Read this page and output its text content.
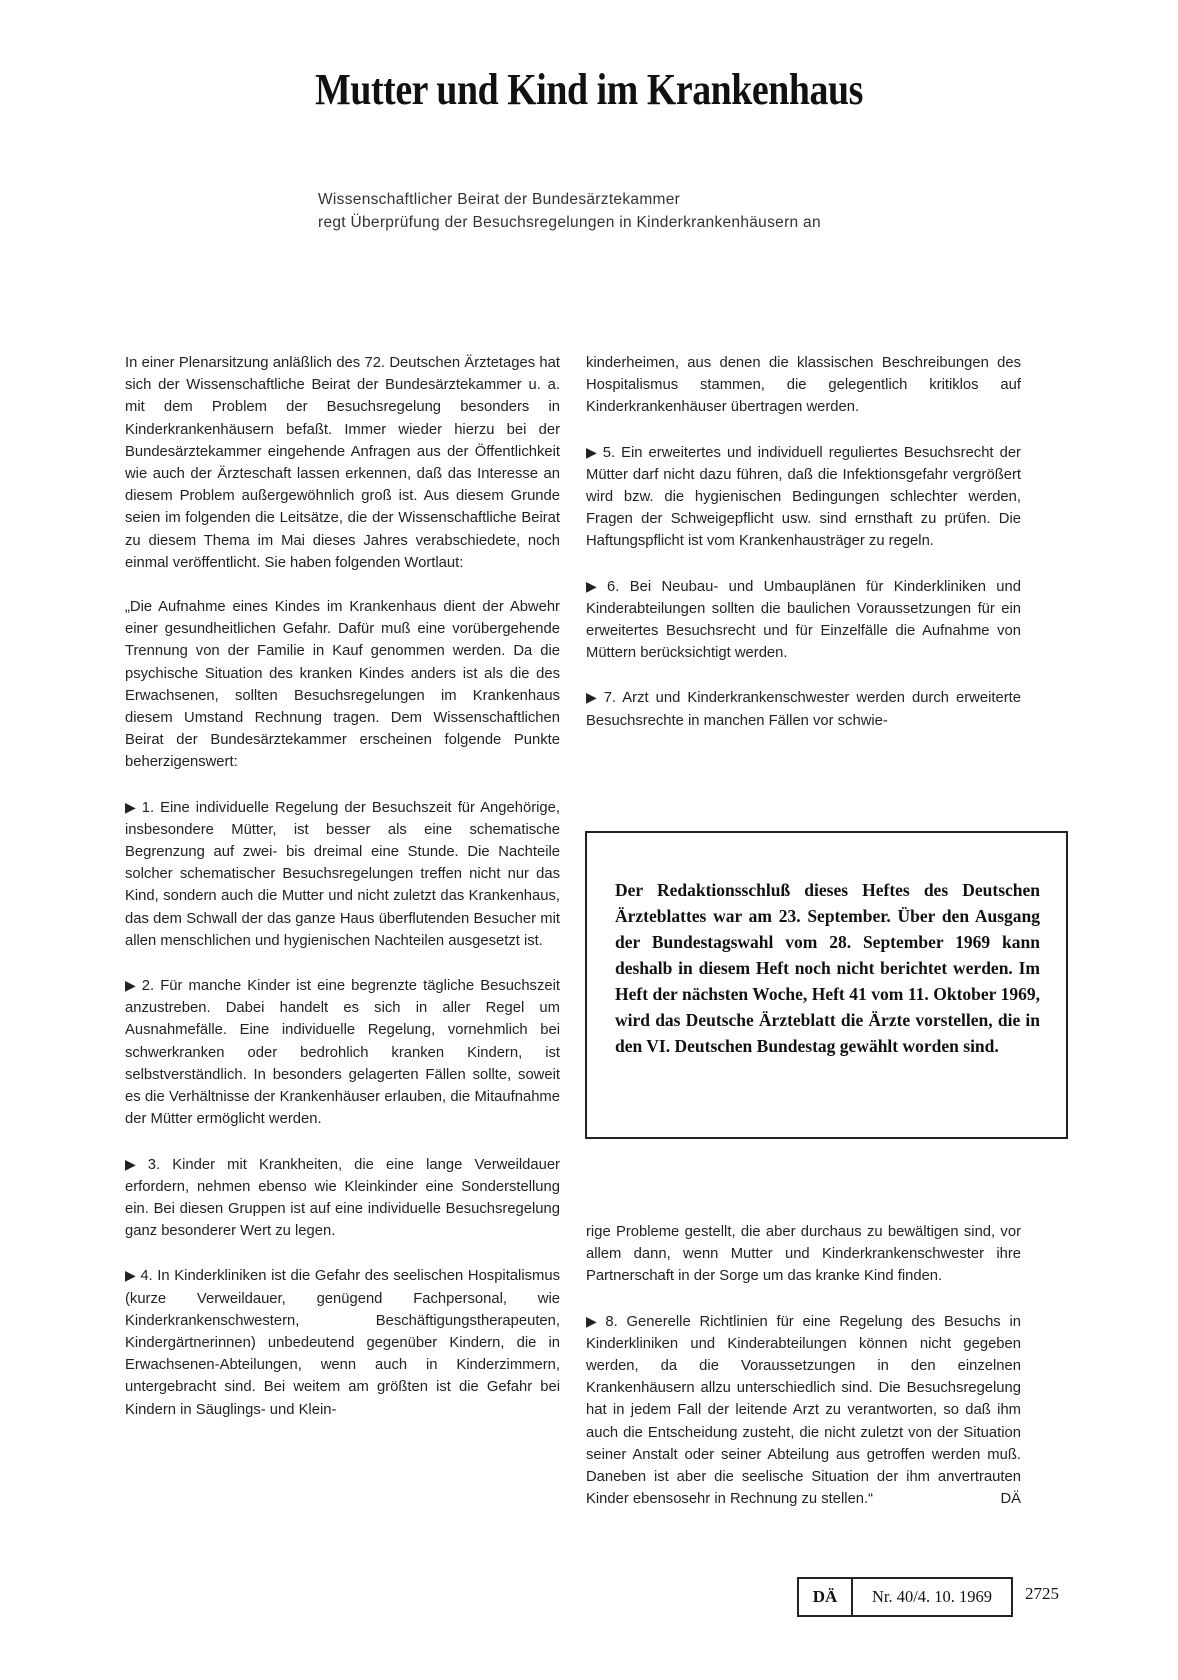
Mutter und Kind im Krankenhaus
Wissenschaftlicher Beirat der Bundesärztekammer
regt Überprüfung der Besuchsregelungen in Kinderkrankenhäusern an

In einer Plenarsitzung anläßlich des 72. Deutschen Ärztetages hat sich der Wissenschaftliche Beirat der Bundesärztekammer u. a. mit dem Problem der Besuchsregelung besonders in Kinderkrankenhäusern befaßt. Immer wieder hierzu bei der Bundesärztekammer eingehende Anfragen aus der Öffentlichkeit wie auch der Ärzteschaft lassen erkennen, daß das Interesse an diesem Problem außergewöhnlich groß ist. Aus diesem Grunde seien im folgenden die Leitsätze, die der Wissenschaftliche Beirat zu diesem Thema im Mai dieses Jahres verabschiedete, noch einmal veröffentlicht. Sie haben folgenden Wortlaut:

„Die Aufnahme eines Kindes im Krankenhaus dient der Abwehr einer gesundheitlichen Gefahr. Dafür muß eine vorübergehende Trennung von der Familie in Kauf genommen werden. Da die psychische Situation des kranken Kindes anders ist als die des Erwachsenen, sollten Besuchsregelungen im Krankenhaus diesem Umstand Rechnung tragen. Dem Wissenschaftlichen Beirat der Bundesärztekammer erscheinen folgende Punkte beherzigenswert:

▶ 1. Eine individuelle Regelung der Besuchszeit für Angehörige, insbesondere Mütter, ist besser als eine schematische Begrenzung auf zwei- bis dreimal eine Stunde. Die Nachteile solcher schematischer Besuchsregelungen treffen nicht nur das Kind, sondern auch die Mutter und nicht zuletzt das Krankenhaus, das dem Schwall der das ganze Haus überflutenden Besucher mit allen menschlichen und hygienischen Nachteilen ausgesetzt ist.

▶ 2. Für manche Kinder ist eine begrenzte tägliche Besuchszeit anzustreben. Dabei handelt es sich in aller Regel um Ausnahmefälle. Eine individuelle Regelung, vornehmlich bei schwerkranken oder bedrohlich kranken Kindern, ist selbstverständlich. In besonders gelagerten Fällen sollte, soweit es die Verhältnisse der Krankenhäuser erlauben, die Mitaufnahme der Mütter ermöglicht werden.

▶ 3. Kinder mit Krankheiten, die eine lange Verweildauer erfordern, nehmen ebenso wie Kleinkinder eine Sonderstellung ein. Bei diesen Gruppen ist auf eine individuelle Besuchsregelung ganz besonderer Wert zu legen.

▶ 4. In Kinderkliniken ist die Gefahr des seelischen Hospitalismus (kurze Verweildauer, genügend Fachpersonal, wie Kinderkrankenschwestern, Beschäftigungstherapeuten, Kindergärtnerinnen) unbedeutend gegenüber Kindern, die in Erwachsenen-Abteilungen, wenn auch in Kinderzimmern, untergebracht sind. Bei weitem am größten ist die Gefahr bei Kindern in Säuglings- und Klein-

kinderheimen, aus denen die klassischen Beschreibungen des Hospitalismus stammen, die gelegentlich kritiklos auf Kinderkrankenhäuser übertragen werden.

▶ 5. Ein erweitertes und individuell reguliertes Besuchsrecht der Mütter darf nicht dazu führen, daß die Infektionsgefahr vergrößert wird bzw. die hygienischen Bedingungen schlechter werden, Fragen der Schweigepflicht usw. sind ernsthaft zu prüfen. Die Haftungspflicht ist vom Krankenhausträger zu regeln.

▶ 6. Bei Neubau- und Umbauplänen für Kinderkliniken und Kinderabteilungen sollten die baulichen Voraussetzungen für ein erweitertes Besuchsrecht und für Einzelfälle die Aufnahme von Müttern berücksichtigt werden.

▶ 7. Arzt und Kinderkrankenschwester werden durch erweiterte Besuchsrechte in manchen Fällen vor schwie-

Der Redaktionsschluß dieses Heftes des Deutschen Ärzteblattes war am 23. September. Über den Ausgang der Bundestagswahl vom 28. September 1969 kann deshalb in diesem Heft noch nicht berichtet werden. Im Heft der nächsten Woche, Heft 41 vom 11. Oktober 1969, wird das Deutsche Ärzteblatt die Ärzte vorstellen, die in den VI. Deutschen Bundestag gewählt worden sind.

rige Probleme gestellt, die aber durchaus zu bewältigen sind, vor allem dann, wenn Mutter und Kinderkrankenschwester ihre Partnerschaft in der Sorge um das kranke Kind finden.

▶ 8. Generelle Richtlinien für eine Regelung des Besuchs in Kinderkliniken und Kinderabteilungen können nicht gegeben werden, da die Voraussetzungen in den einzelnen Krankenhäusern allzu unterschiedlich sind. Die Besuchsregelung hat in jedem Fall der leitende Arzt zu verantworten, so daß ihm auch die Entscheidung zusteht, die nicht zuletzt von der Situation seiner Anstalt oder seiner Abteilung aus getroffen werden muß. Daneben ist aber die seelische Situation der ihm anvertrauten Kinder ebensosehr in Rechnung zu stellen.“	DÄ

DÄ	Nr. 40/4. 10. 1969	2725
